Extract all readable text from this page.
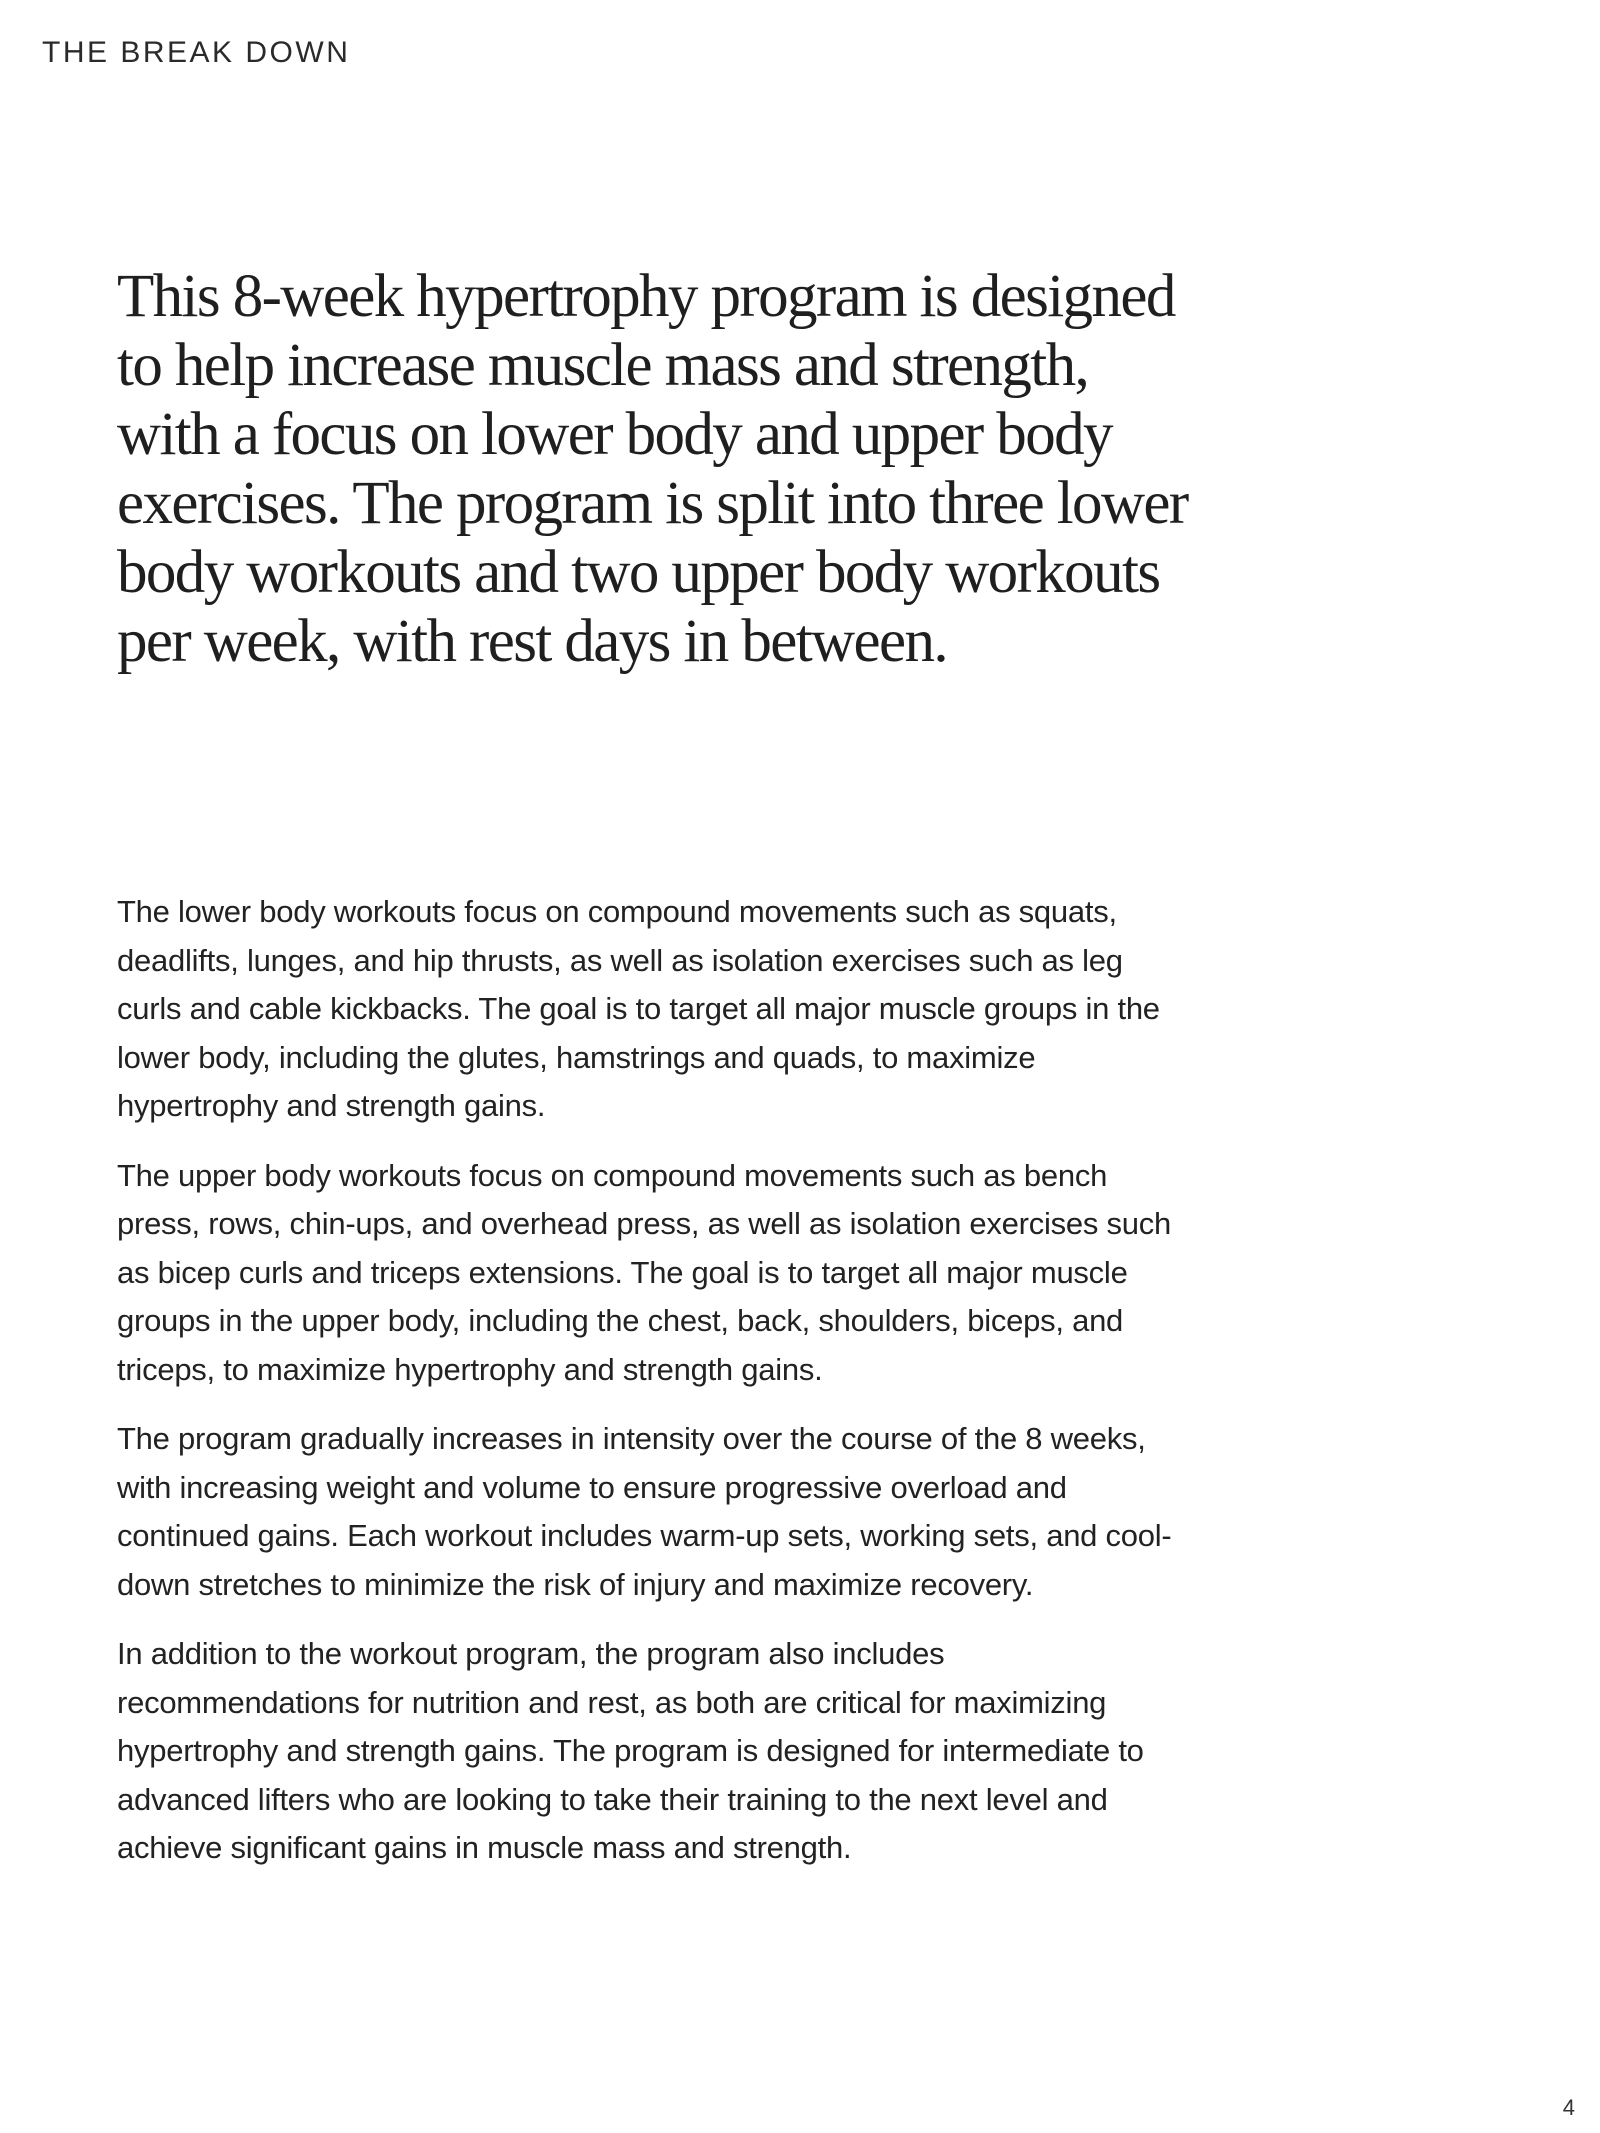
THE BREAK DOWN
This 8-week hypertrophy program is designed to help increase muscle mass and strength, with a focus on lower body and upper body exercises. The program is split into three lower body workouts and two upper body workouts per week, with rest days in between.

The lower body workouts focus on compound movements such as squats, deadlifts, lunges, and hip thrusts, as well as isolation exercises such as leg curls and cable kickbacks. The goal is to target all major muscle groups in the lower body, including the glutes, hamstrings and quads, to maximize hypertrophy and strength gains.

The upper body workouts focus on compound movements such as bench press, rows, chin-ups, and overhead press, as well as isolation exercises such as bicep curls and triceps extensions. The goal is to target all major muscle groups in the upper body, including the chest, back, shoulders, biceps, and triceps, to maximize hypertrophy and strength gains.

The program gradually increases in intensity over the course of the 8 weeks, with increasing weight and volume to ensure progressive overload and continued gains. Each workout includes warm-up sets, working sets, and cool-down stretches to minimize the risk of injury and maximize recovery.

In addition to the workout program, the program also includes recommendations for nutrition and rest, as both are critical for maximizing hypertrophy and strength gains. The program is designed for intermediate to advanced lifters who are looking to take their training to the next level and achieve significant gains in muscle mass and strength.

4
